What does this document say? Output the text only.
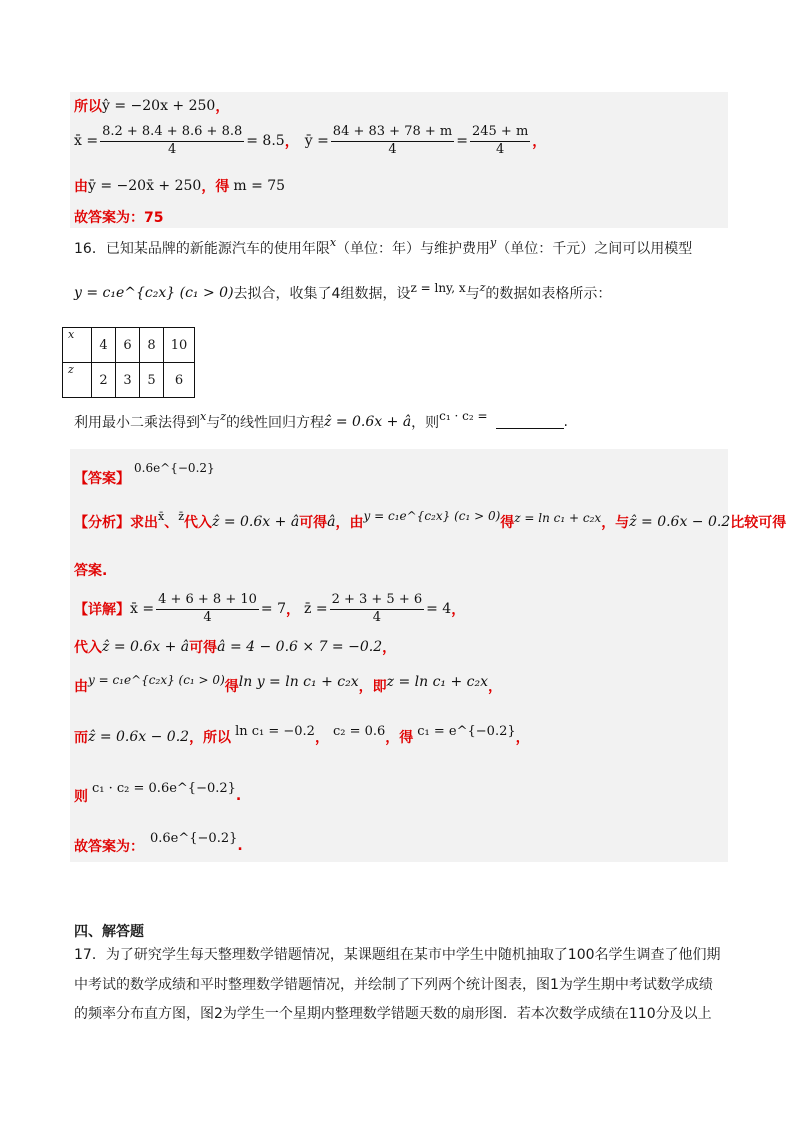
所以 ŷ = −20x + 250 ，
x̄ = $\frac{8.2 + 8.4 + 8.6 + 8.8}{4} = 8.5$ ， ȳ = $\frac{84 + 83 + 78 + m}{4} = \frac{245 + m}{4}$ ，
由 ȳ = −20x̄ + 250 ，得 m = 75
故答案为：75
16．已知某品牌的新能源汽车的使用年限 x （单位：年）与维护费用 y （单位：千元）之间可以用模型
y = c₁e^{c₂x} (c₁ > 0) 去拟合，收集了4组数据，设 z = lny, x 与 z 的数据如表格所示：
x	4	6	8	10
z	2	3	5	6
利用最小二乘法得到 x 与 z 的线性回归方程 ẑ = 0.6x + â ，则 c₁ · c₂ =	.
【答案】
0.6e^{−0.2}
【分析】求出 x̄ 、 z̄ 代入 ẑ = 0.6x + â 可得 â ，由 y = c₁e^{c₂x} (c₁ > 0) 得 z = ln c₁ + c₂x ，与 ẑ = 0.6x − 0.2 比较可得
答案.
【详解】 x̄ = $\frac{4 + 6 + 8 + 10}{4} = 7$ ， z̄ = $\frac{2 + 3 + 5 + 6}{4} = 4$ ，
代入 ẑ = 0.6x + â 可得 â = 4 − 0.6 × 7 = −0.2 ，
由 y = c₁e^{c₂x} (c₁ > 0) 得 ln y = ln c₁ + c₂x ，即 z = ln c₁ + c₂x ，
而 ẑ = 0.6x − 0.2 ，所以 ln c₁ = −0.2 ， c₂ = 0.6 ，得 c₁ = e^{−0.2} ，
则
c₁ · c₂ = 0.6e^{−0.2} .
故答案为：
0.6e^{−0.2} .
四、解答题
17．为了研究学生每天整理数学错题情况，某课题组在某市中学生中随机抽取了100名学生调查了他们期
中考试的数学成绩和平时整理数学错题情况，并绘制了下列两个统计图表，图1为学生期中考试数学成绩
的频率分布直方图，图2为学生一个星期内整理数学错题天数的扇形图．若本次数学成绩在110分及以上
